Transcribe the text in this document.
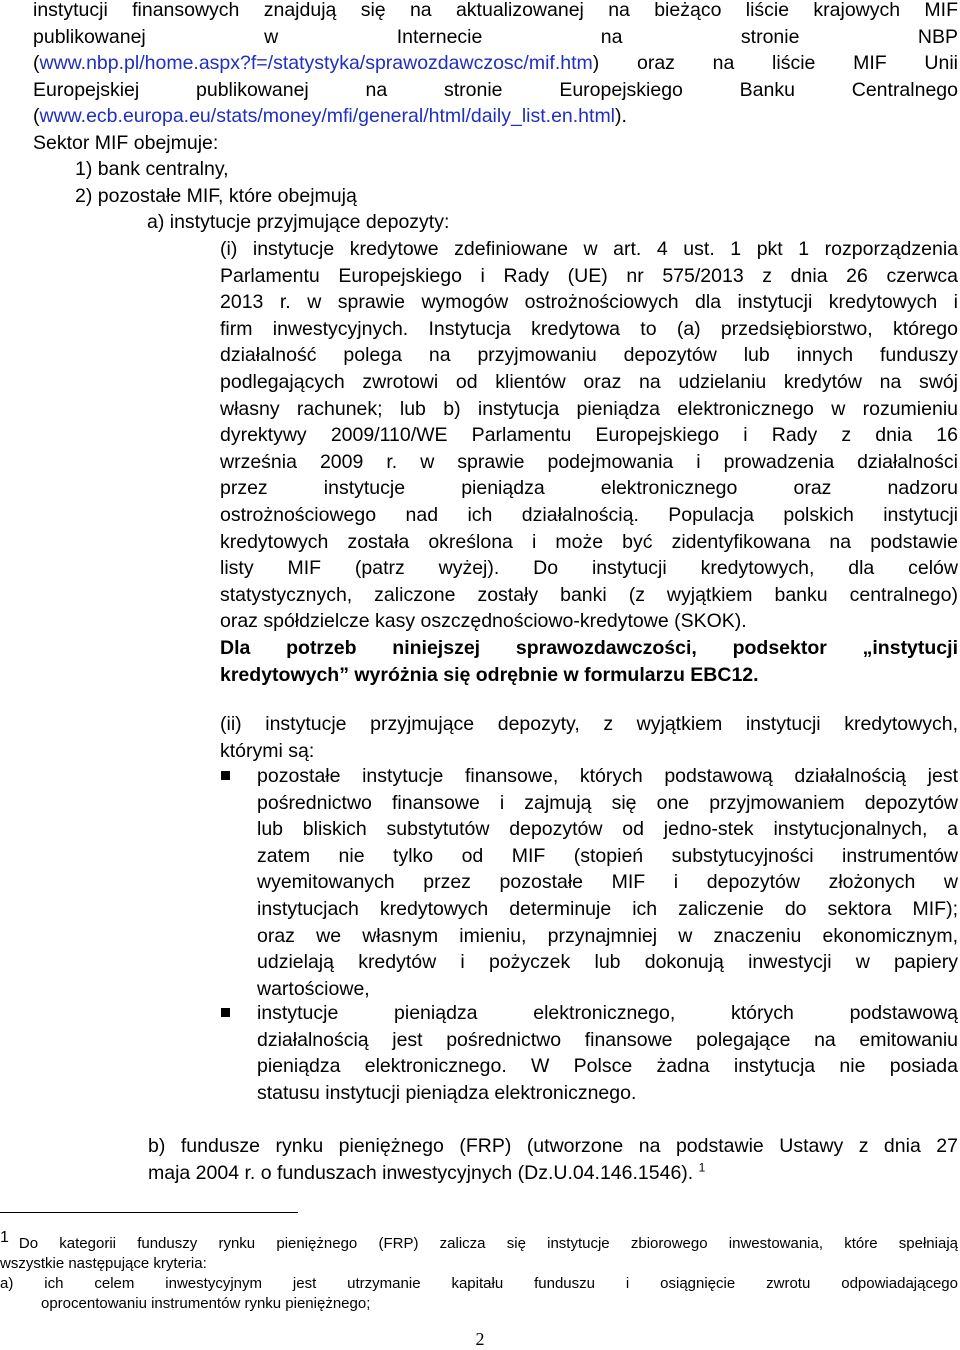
instytucji finansowych znajdują się na aktualizowanej na bieżąco liście krajowych MIF
publikowanej w Internecie na stronie NBP
(www.nbp.pl/home.aspx?f=/statystyka/sprawozdawczosc/mif.htm) oraz na liście MIF Unii
Europejskiej publikowanej na stronie Europejskiego Banku Centralnego
(www.ecb.europa.eu/stats/money/mfi/general/html/daily_list.en.html).
Sektor MIF obejmuje:
1) bank centralny,
2) pozostałe MIF, które obejmują
a) instytucje przyjmujące depozyty:
(i) instytucje kredytowe zdefiniowane w art. 4 ust. 1 pkt 1 rozporządzenia
Parlamentu Europejskiego i Rady (UE) nr 575/2013 z dnia 26 czerwca
2013 r. w sprawie wymogów ostrożnościowych dla instytucji kredytowych i
firm inwestycyjnych. Instytucja kredytowa to (a) przedsiębiorstwo, którego
działalność polega na przyjmowaniu depozytów lub innych funduszy
podlegających zwrotowi od klientów oraz na udzielaniu kredytów na swój
własny rachunek; lub b) instytucja pieniądza elektronicznego w rozumieniu
dyrektywy 2009/110/WE Parlamentu Europejskiego i Rady z dnia 16
września 2009 r. w sprawie podejmowania i prowadzenia działalności
przez instytucje pieniądza elektronicznego oraz nadzoru
ostrożnościowego nad ich działalnością. Populacja polskich instytucji
kredytowych została określona i może być zidentyfikowana na podstawie
listy MIF (patrz wyżej). Do instytucji kredytowych, dla celów
statystycznych, zaliczone zostały banki (z wyjątkiem banku centralnego)
oraz spółdzielcze kasy oszczędnościowo-kredytowe (SKOK).
Dla potrzeb niniejszej sprawozdawczości, podsektor „instytucji
kredytowych” wyróżnia się odrębnie w formularzu EBC12.
(ii) instytucje przyjmujące depozyty, z wyjątkiem instytucji kredytowych,
którymi są:
pozostałe instytucje finansowe, których podstawową działalnością jest
pośrednictwo finansowe i zajmują się one przyjmowaniem depozytów
lub bliskich substytutów depozytów od jedno-stek instytucjonalnych, a
zatem nie tylko od MIF (stopień substytucyjności instrumentów
wyemitowanych przez pozostałe MIF i depozytów złożonych w
instytucjach kredytowych determinuje ich zaliczenie do sektora MIF);
oraz we własnym imieniu, przynajmniej w znaczeniu ekonomicznym,
udzielają kredytów i pożyczek lub dokonują inwestycji w papiery
wartościowe,
instytucje pieniądza elektronicznego, których podstawową
działalnością jest pośrednictwo finansowe polegające na emitowaniu
pieniądza elektronicznego. W Polsce żadna instytucja nie posiada
statusu instytucji pieniądza elektronicznego.
b) fundusze rynku pieniężnego (FRP) (utworzone na podstawie Ustawy z dnia 27
maja 2004 r. o funduszach inwestycyjnych (Dz.U.04.146.1546). $^1$
1 Do kategorii funduszy rynku pieniężnego (FRP) zalicza się instytucje zbiorowego inwestowania, które spełniają
wszystkie następujące kryteria:
a) ich celem inwestycyjnym jest utrzymanie kapitału funduszu i osiągnięcie zwrotu odpowiadającego
oprocentowaniu instrumentów rynku pieniężnego;
2
